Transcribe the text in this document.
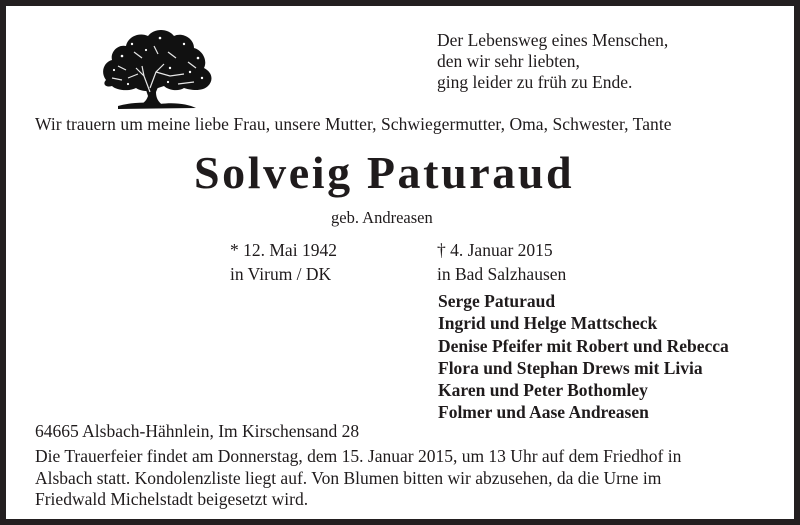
Der Lebensweg eines Menschen,
den wir sehr liebten,
ging leider zu früh zu Ende.
Wir trauern um meine liebe Frau, unsere Mutter, Schwiegermutter, Oma, Schwester, Tante
Solveig Paturaud
geb. Andreasen
* 12. Mai 1942
in Virum / DK
† 4. Januar 2015
in Bad Salzhausen
Serge Paturaud
Ingrid und Helge Mattscheck
Denise Pfeifer mit Robert und Rebecca
Flora und Stephan Drews mit Livia
Karen und Peter Bothomley
Folmer und Aase Andreasen
64665 Alsbach-Hähnlein, Im Kirschensand 28
Die Trauerfeier findet am Donnerstag, dem 15. Januar 2015, um 13 Uhr auf dem Friedhof in
Alsbach statt. Kondolenzliste liegt auf. Von Blumen bitten wir abzusehen, da die Urne im
Friedwald Michelstadt beigesetzt wird.
